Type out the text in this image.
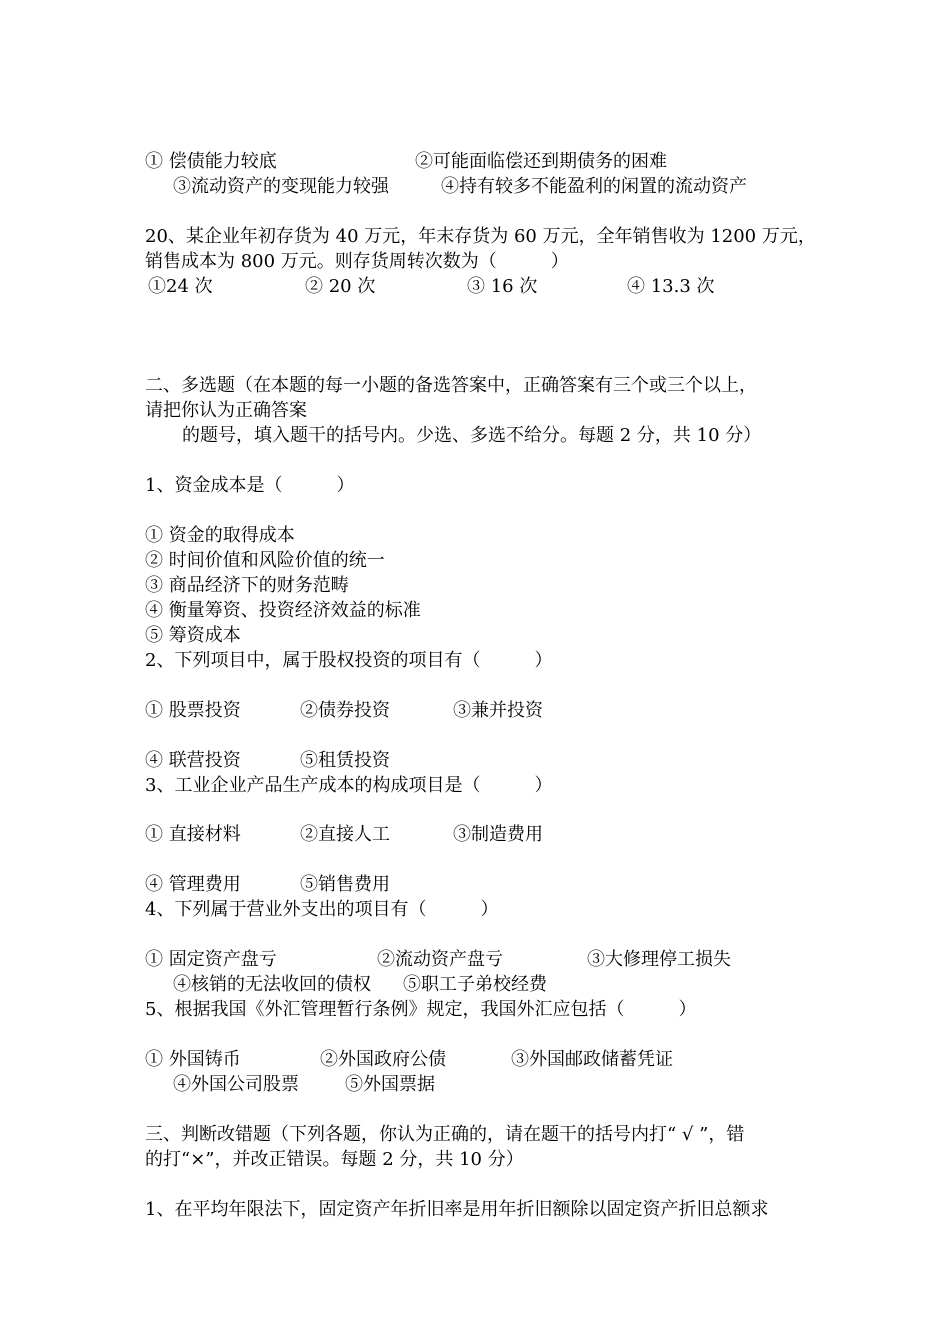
① 偿债能力较底

	②可能面临偿还到期债务的困难

③流动资产的变现能力较强

	④持有较多不能盈利的闲置的流动资产

20、某企业年初存货为 40 万元，年末存货为 60 万元，全年销售收为 1200 万元，
销售成本为 800 万元。则存货周转次数为（　　　）

①24 次

	② 20 次

	③ 16 次

	④ 13.3 次

二、多选题（在本题的每一小题的备选答案中，正确答案有三个或三个以上，
请把你认为正确答案
的题号，填入题干的括号内。少选、多选不给分。每题 2 分，共 10 分）
1、资金成本是（　　　）
① 资金的取得成本
② 时间价值和风险价值的统一
③ 商品经济下的财务范畴
④ 衡量筹资、投资经济效益的标准
⑤ 筹资成本
2、下列项目中，属于股权投资的项目有（　　　）

① 股票投资

	②债券投资

	③兼并投资

④ 联营投资

	⑤租赁投资

3、工业企业产品生产成本的构成项目是（　　　）

① 直接材料

	②直接人工

	③制造费用

④ 管理费用

	⑤销售费用

4、下列属于营业外支出的项目有（　　　）

① 固定资产盘亏

	②流动资产盘亏

	③大修理停工损失

④核销的无法收回的债权

⑤职工子弟校经费

5、根据我国《外汇管理暂行条例》规定，我国外汇应包括（　　　）

① 外国铸币

	②外国政府公债

	③外国邮政储蓄凭证

④外国公司股票

	⑤外国票据

三、判断改错题（下列各题，你认为正确的，请在题干的括号内打“ √ ”，错
的打“×”，并改正错误。每题 2 分，共 10 分）
1、在平均年限法下，固定资产年折旧率是用年折旧额除以固定资产折旧总额求
